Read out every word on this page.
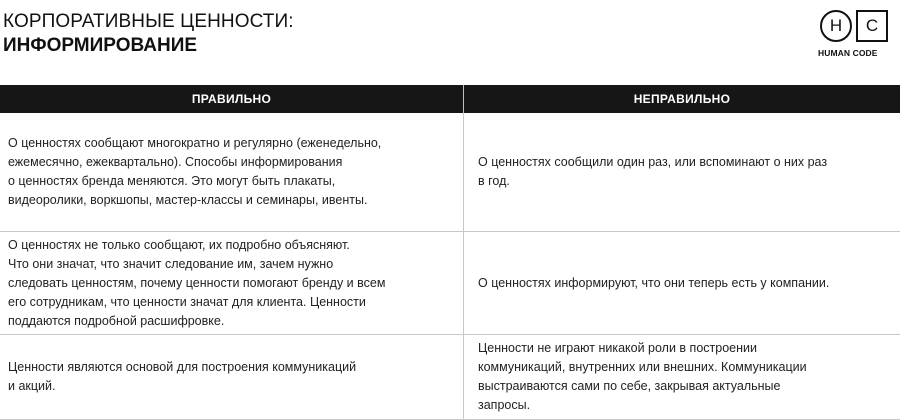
КОРПОРАТИВНЫЕ ЦЕННОСТИ:
ИНФОРМИРОВАНИЕ
H	C
HUMAN CODE
ПРАВИЛЬНО	НЕПРАВИЛЬНО
О ценностях сообщают многократно и регулярно (еженедельно,
ежемесячно, ежеквартально). Способы информирования
о ценностях бренда меняются. Это могут быть плакаты,
видеоролики, воркшопы, мастер-классы и семинары, ивенты.
О ценностях сообщили один раз, или вспоминают о них раз
в год.
О ценностях не только сообщают, их подробно объясняют.
Что они значат, что значит следование им, зачем нужно
следовать ценностям, почему ценности помогают бренду и всем
его сотрудникам, что ценности значат для клиента. Ценности
поддаются подробной расшифровке.
О ценностях информируют, что они теперь есть у компании.
Ценности являются основой для построения коммуникаций
и акций.
Ценности не играют никакой роли в построении
коммуникаций, внутренних или внешних. Коммуникации
выстраиваются сами по себе, закрывая актуальные
запросы.
